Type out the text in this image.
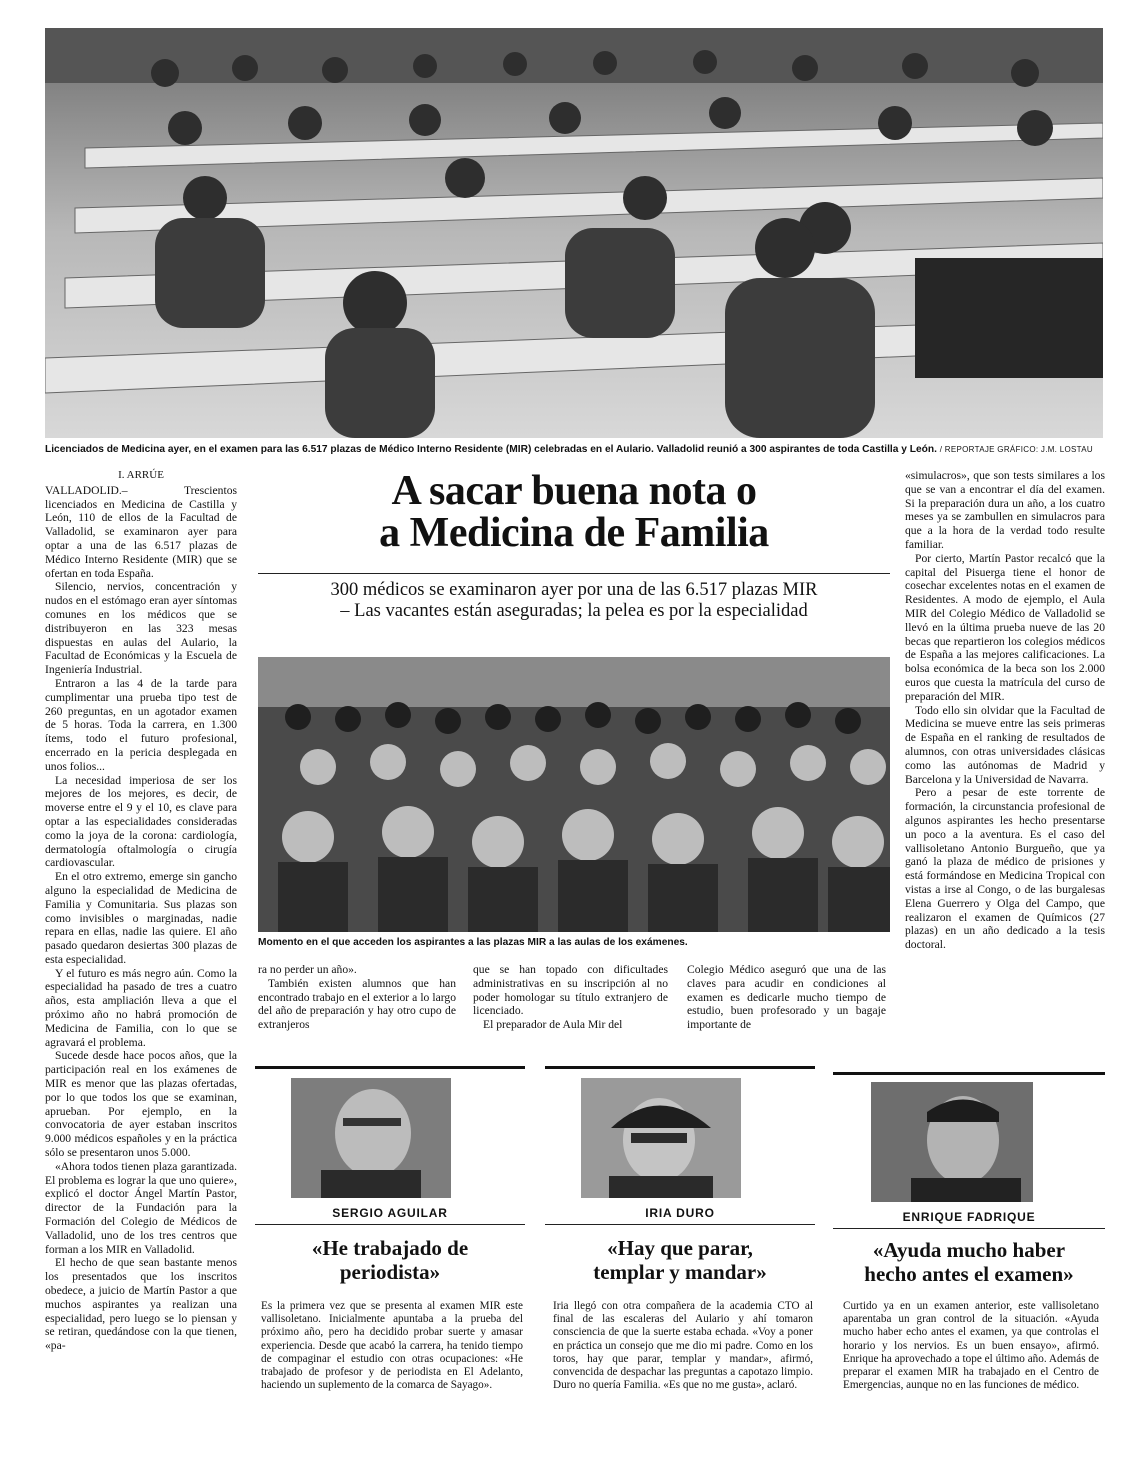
Licenciados de Medicina ayer, en el examen para las 6.517 plazas de Médico Interno Residente (MIR) celebradas en el Aulario. Valladolid reunió a 300 aspirantes de toda Castilla y León. / REPORTAJE GRÁFICO: J.M. LOSTAU
I. ARRÚE

VALLADOLID.– Trescientos licenciados en Medicina de Castilla y León, 110 de ellos de la Facultad de Valladolid, se examinaron ayer para optar a una de las 6.517 plazas de Médico Interno Residente (MIR) que se ofertan en toda España.

Silencio, nervios, concentración y nudos en el estómago eran ayer síntomas comunes en los médicos que se distribuyeron en las 323 mesas dispuestas en aulas del Aulario, la Facultad de Económicas y la Escuela de Ingeniería Industrial.

Entraron a las 4 de la tarde para cumplimentar una prueba tipo test de 260 preguntas, en un agotador examen de 5 horas. Toda la carrera, en 1.300 ítems, todo el futuro profesional, encerrado en la pericia desplegada en unos folios...

La necesidad imperiosa de ser los mejores de los mejores, es decir, de moverse entre el 9 y el 10, es clave para optar a las especialidades consideradas como la joya de la corona: cardiología, dermatología oftalmología o cirugía cardiovascular.

En el otro extremo, emerge sin gancho alguno la especialidad de Medicina de Familia y Comunitaria. Sus plazas son como invisibles o marginadas, nadie repara en ellas, nadie las quiere. El año pasado quedaron desiertas 300 plazas de esta especialidad.

Y el futuro es más negro aún. Como la especialidad ha pasado de tres a cuatro años, esta ampliación lleva a que el próximo año no habrá promoción de Medicina de Familia, con lo que se agravará el problema.

Sucede desde hace pocos años, que la participación real en los exámenes de MIR es menor que las plazas ofertadas, por lo que todos los que se examinan, aprueban. Por ejemplo, en la convocatoria de ayer estaban inscritos 9.000 médicos españoles y en la práctica sólo se presentaron unos 5.000.

«Ahora todos tienen plaza garantizada. El problema es lograr la que uno quiere», explicó el doctor Ángel Martín Pastor, director de la Fundación para la Formación del Colegio de Médicos de Valladolid, uno de los tres centros que forman a los MIR en Valladolid.

El hecho de que sean bastante menos los presentados que los inscritos obedece, a juicio de Martín Pastor a que muchos aspirantes ya realizan una especialidad, pero luego se lo piensan y se retiran, quedándose con la que tienen, «pa-

A sacar buena nota o
a Medicina de Familia
300 médicos se examinaron ayer por una de las 6.517 plazas MIR
– Las vacantes están aseguradas; la pelea es por la especialidad
Momento en el que acceden los aspirantes a las plazas MIR a las aulas de los exámenes.

ra no perder un año».

También existen alumnos que han encontrado trabajo en el exterior a lo largo del año de preparación y hay otro cupo de extranjeros

que se han topado con dificultades administrativas en su inscripción al no poder homologar su título extranjero de licenciado.

El preparador de Aula Mir del

Colegio Médico aseguró que una de las claves para acudir en condiciones al examen es dedicarle mucho tiempo de estudio, buen profesorado y un bagaje importante de

«simulacros», que son tests similares a los que se van a encontrar el día del examen. Si la preparación dura un año, a los cuatro meses ya se zambullen en simulacros para que a la hora de la verdad todo resulte familiar.

Por cierto, Martín Pastor recalcó que la capital del Pisuerga tiene el honor de cosechar excelentes notas en el examen de Residentes. A modo de ejemplo, el Aula MIR del Colegio Médico de Valladolid se llevó en la última prueba nueve de las 20 becas que repartieron los colegios médicos de España a las mejores calificaciones. La bolsa económica de la beca son los 2.000 euros que cuesta la matrícula del curso de preparación del MIR.

Todo ello sin olvidar que la Facultad de Medicina se mueve entre las seis primeras de España en el ranking de resultados de alumnos, con otras universidades clásicas como las autónomas de Madrid y Barcelona y la Universidad de Navarra.

Pero a pesar de este torrente de formación, la circunstancia profesional de algunos aspirantes les hecho presentarse un poco a la aventura. Es el caso del vallisoletano Antonio Burgueño, que ya ganó la plaza de médico de prisiones y está formándose en Medicina Tropical con vistas a irse al Congo, o de las burgalesas Elena Guerrero y Olga del Campo, que realizaron el examen de Químicos (27 plazas) en un año dedicado a la tesis doctoral.

SERGIO AGUILAR
«He trabajado de
periodista»
Es la primera vez que se presenta al examen MIR este vallisoletano. Inicialmente apuntaba a la prueba del próximo año, pero ha decidido probar suerte y amasar experiencia. Desde que acabó la carrera, ha tenido tiempo de compaginar el estudio con otras ocupaciones: «He trabajado de profesor y de periodista en El Adelanto, haciendo un suplemento de la comarca de Sayago».
IRIA DURO
«Hay que parar,
templar y mandar»
Iria llegó con otra compañera de la academia CTO al final de las escaleras del Aulario y ahí tomaron consciencia de que la suerte estaba echada. «Voy a poner en práctica un consejo que me dio mi padre. Como en los toros, hay que parar, templar y mandar», afirmó, convencida de despachar las preguntas a capotazo limpio. Duro no quería Familia. «Es que no me gusta», aclaró.
ENRIQUE FADRIQUE
«Ayuda mucho haber
hecho antes el examen»
Curtido ya en un examen anterior, este vallisoletano aparentaba un gran control de la situación. «Ayuda mucho haber echo antes el examen, ya que controlas el horario y los nervios. Es un buen ensayo», afirmó. Enrique ha aprovechado a tope el último año. Además de preparar el examen MIR ha trabajado en el Centro de Emergencias, aunque no en las funciones de médico.
